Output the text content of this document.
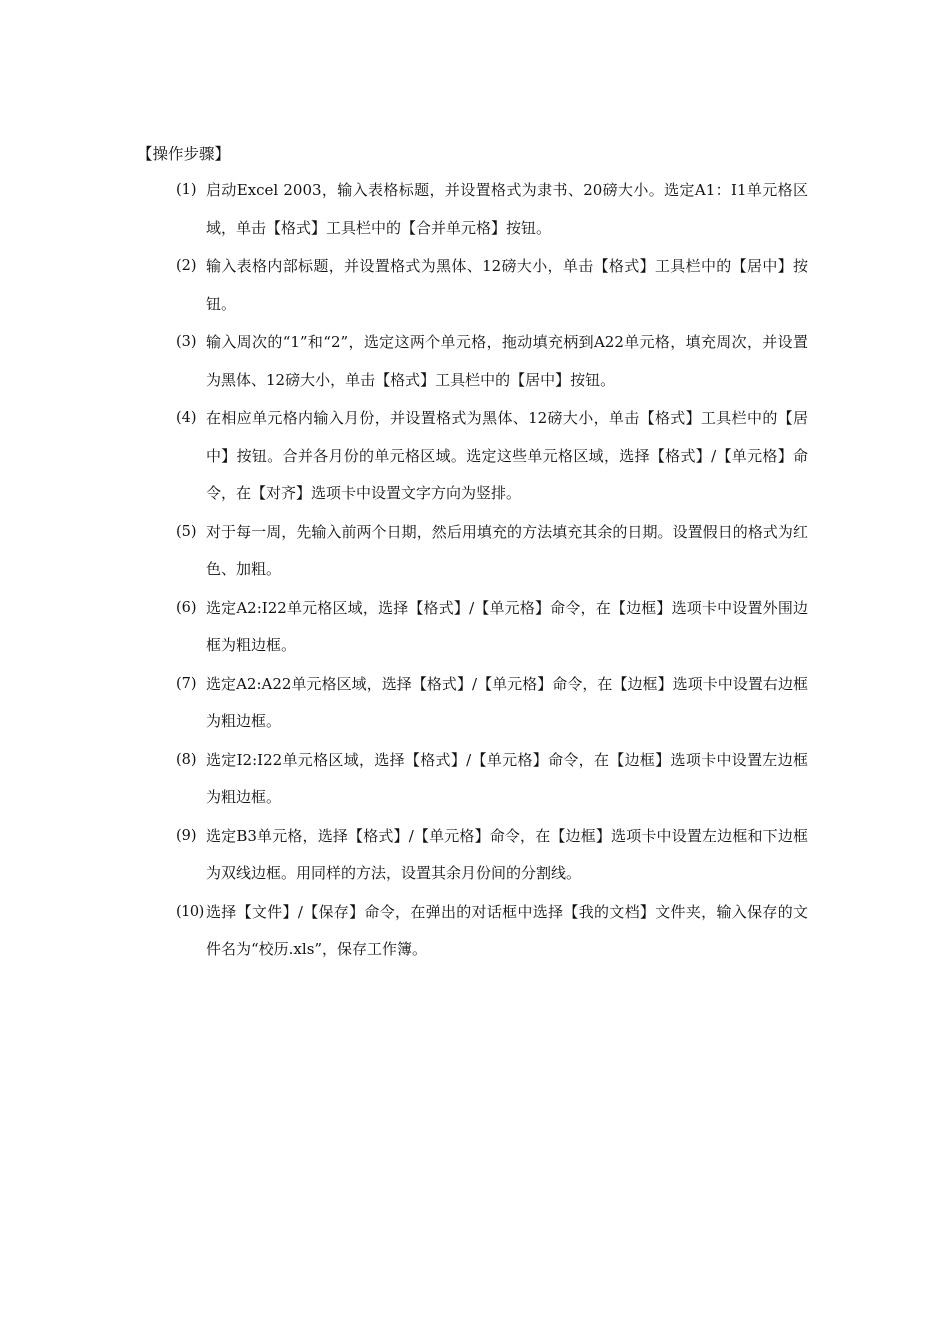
【操作步骤】
(1) 启动Excel 2003，输入表格标题，并设置格式为隶书、20磅大小。选定A1：I1单元格区域，单击【格式】工具栏中的【合并单元格】按钮。
(2) 输入表格内部标题，并设置格式为黑体、12磅大小，单击【格式】工具栏中的【居中】按钮。
(3) 输入周次的“1”和“2”，选定这两个单元格，拖动填充柄到A22单元格，填充周次，并设置为黑体、12磅大小，单击【格式】工具栏中的【居中】按钮。
(4) 在相应单元格内输入月份，并设置格式为黑体、12磅大小，单击【格式】工具栏中的【居中】按钮。合并各月份的单元格区域。选定这些单元格区域，选择【格式】/【单元格】命令，在【对齐】选项卡中设置文字方向为竖排。
(5) 对于每一周，先输入前两个日期，然后用填充的方法填充其余的日期。设置假日的格式为红色、加粗。
(6) 选定A2:I22单元格区域，选择【格式】/【单元格】命令，在【边框】选项卡中设置外围边框为粗边框。
(7) 选定A2:A22单元格区域，选择【格式】/【单元格】命令，在【边框】选项卡中设置右边框为粗边框。
(8) 选定I2:I22单元格区域，选择【格式】/【单元格】命令，在【边框】选项卡中设置左边框为粗边框。
(9) 选定B3单元格，选择【格式】/【单元格】命令，在【边框】选项卡中设置左边框和下边框为双线边框。用同样的方法，设置其余月份间的分割线。
(10) 选择【文件】/【保存】命令，在弹出的对话框中选择【我的文档】文件夹，输入保存的文件名为“校历.xls”，保存工作簿。
